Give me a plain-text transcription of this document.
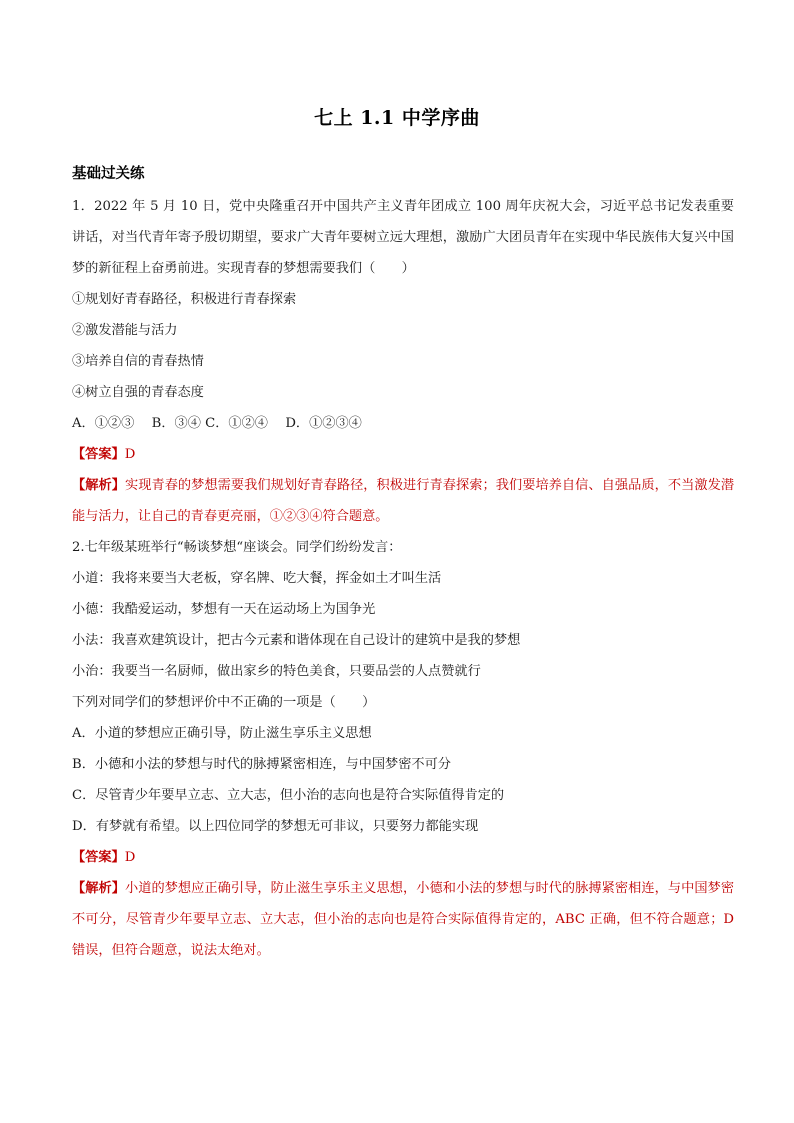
七上 1.1 中学序曲
基础过关练

1．2022 年 5 月 10 日，党中央隆重召开中国共产主义青年团成立 100 周年庆祝大会，习近平总书记发表重要讲话，对当代青年寄予殷切期望，要求广大青年要树立远大理想，激励广大团员青年在实现中华民族伟大复兴中国梦的新征程上奋勇前进。实现青春的梦想需要我们（　　）

①规划好青春路径，积极进行青春探索

②激发潜能与活力

③培养自信的青春热情

④树立自强的青春态度

A．①②③　 B．③④ C．①②④　 D．①②③④

【答案】D

【解析】实现青春的梦想需要我们规划好青春路径，积极进行青春探索；我们要培养自信、自强品质，不当激发潜能与活力，让自己的青春更亮丽，①②③④符合题意。

2.七年级某班举行“畅谈梦想“座谈会。同学们纷纷发言：

小道：我将来要当大老板，穿名牌、吃大餐，挥金如土才叫生活

小德：我酷爱运动，梦想有一天在运动场上为国争光

小法：我喜欢建筑设计，把古今元素和谐体现在自己设计的建筑中是我的梦想

小治：我要当一名厨师，做出家乡的特色美食，只要品尝的人点赞就行

下列对同学们的梦想评价中不正确的一项是（　　）

A．小道的梦想应正确引导，防止滋生享乐主义思想

B．小德和小法的梦想与时代的脉搏紧密相连，与中国梦密不可分

C．尽管青少年要早立志、立大志，但小治的志向也是符合实际值得肯定的

D．有梦就有希望。以上四位同学的梦想无可非议，只要努力都能实现

【答案】D

【解析】小道的梦想应正确引导，防止滋生享乐主义思想，小德和小法的梦想与时代的脉搏紧密相连，与中国梦密不可分，尽管青少年要早立志、立大志，但小治的志向也是符合实际值得肯定的，ABC 正确，但不符合题意；D 错误，但符合题意，说法太绝对。
